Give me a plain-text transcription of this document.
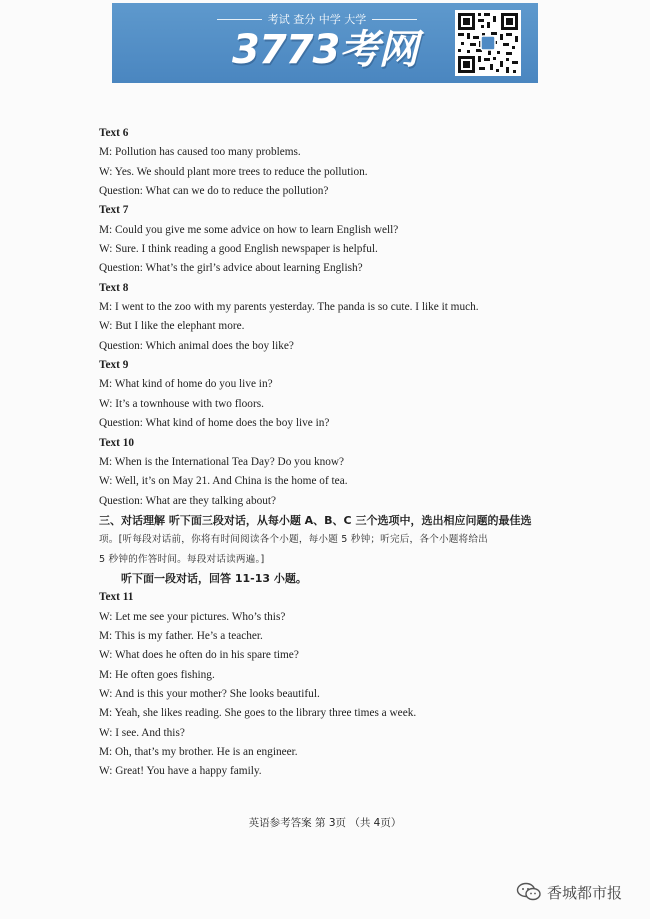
考试 查分 中学 大学
3773考网
Text 6
M: Pollution has caused too many problems.
W: Yes. We should plant more trees to reduce the pollution.
Question: What can we do to reduce the pollution?
Text 7
M: Could you give me some advice on how to learn English well?
W: Sure. I think reading a good English newspaper is helpful.
Question: What’s the girl’s advice about learning English?
Text 8
M: I went to the zoo with my parents yesterday. The panda is so cute. I like it much.
W: But I like the elephant more.
Question: Which animal does the boy like?
Text 9
M: What kind of home do you live in?
W: It’s a townhouse with two floors.
Question: What kind of home does the boy live in?
Text 10
M: When is the International Tea Day? Do you know?
W: Well, it’s on May 21. And China is the home of tea.
Question: What are they talking about?
三、对话理解 听下面三段对话，从每小题 A、B、C 三个选项中，选出相应问题的最佳选
项。[听每段对话前，你将有时间阅读各个小题，每小题 5 秒钟；听完后，各个小题将给出
5 秒钟的作答时间。每段对话读两遍。]
听下面一段对话，回答 11-13 小题。
Text 11
W: Let me see your pictures. Who’s this?
M: This is my father. He’s a teacher.
W: What does he often do in his spare time?
M: He often goes fishing.
W: And is this your mother? She looks beautiful.
M: Yeah, she likes reading. She goes to the library three times a week.
W: I see. And this?
M: Oh, that’s my brother. He is an engineer.
W: Great! You have a happy family.
英语参考答案 第 3页 （共 4页）
香城都市报
